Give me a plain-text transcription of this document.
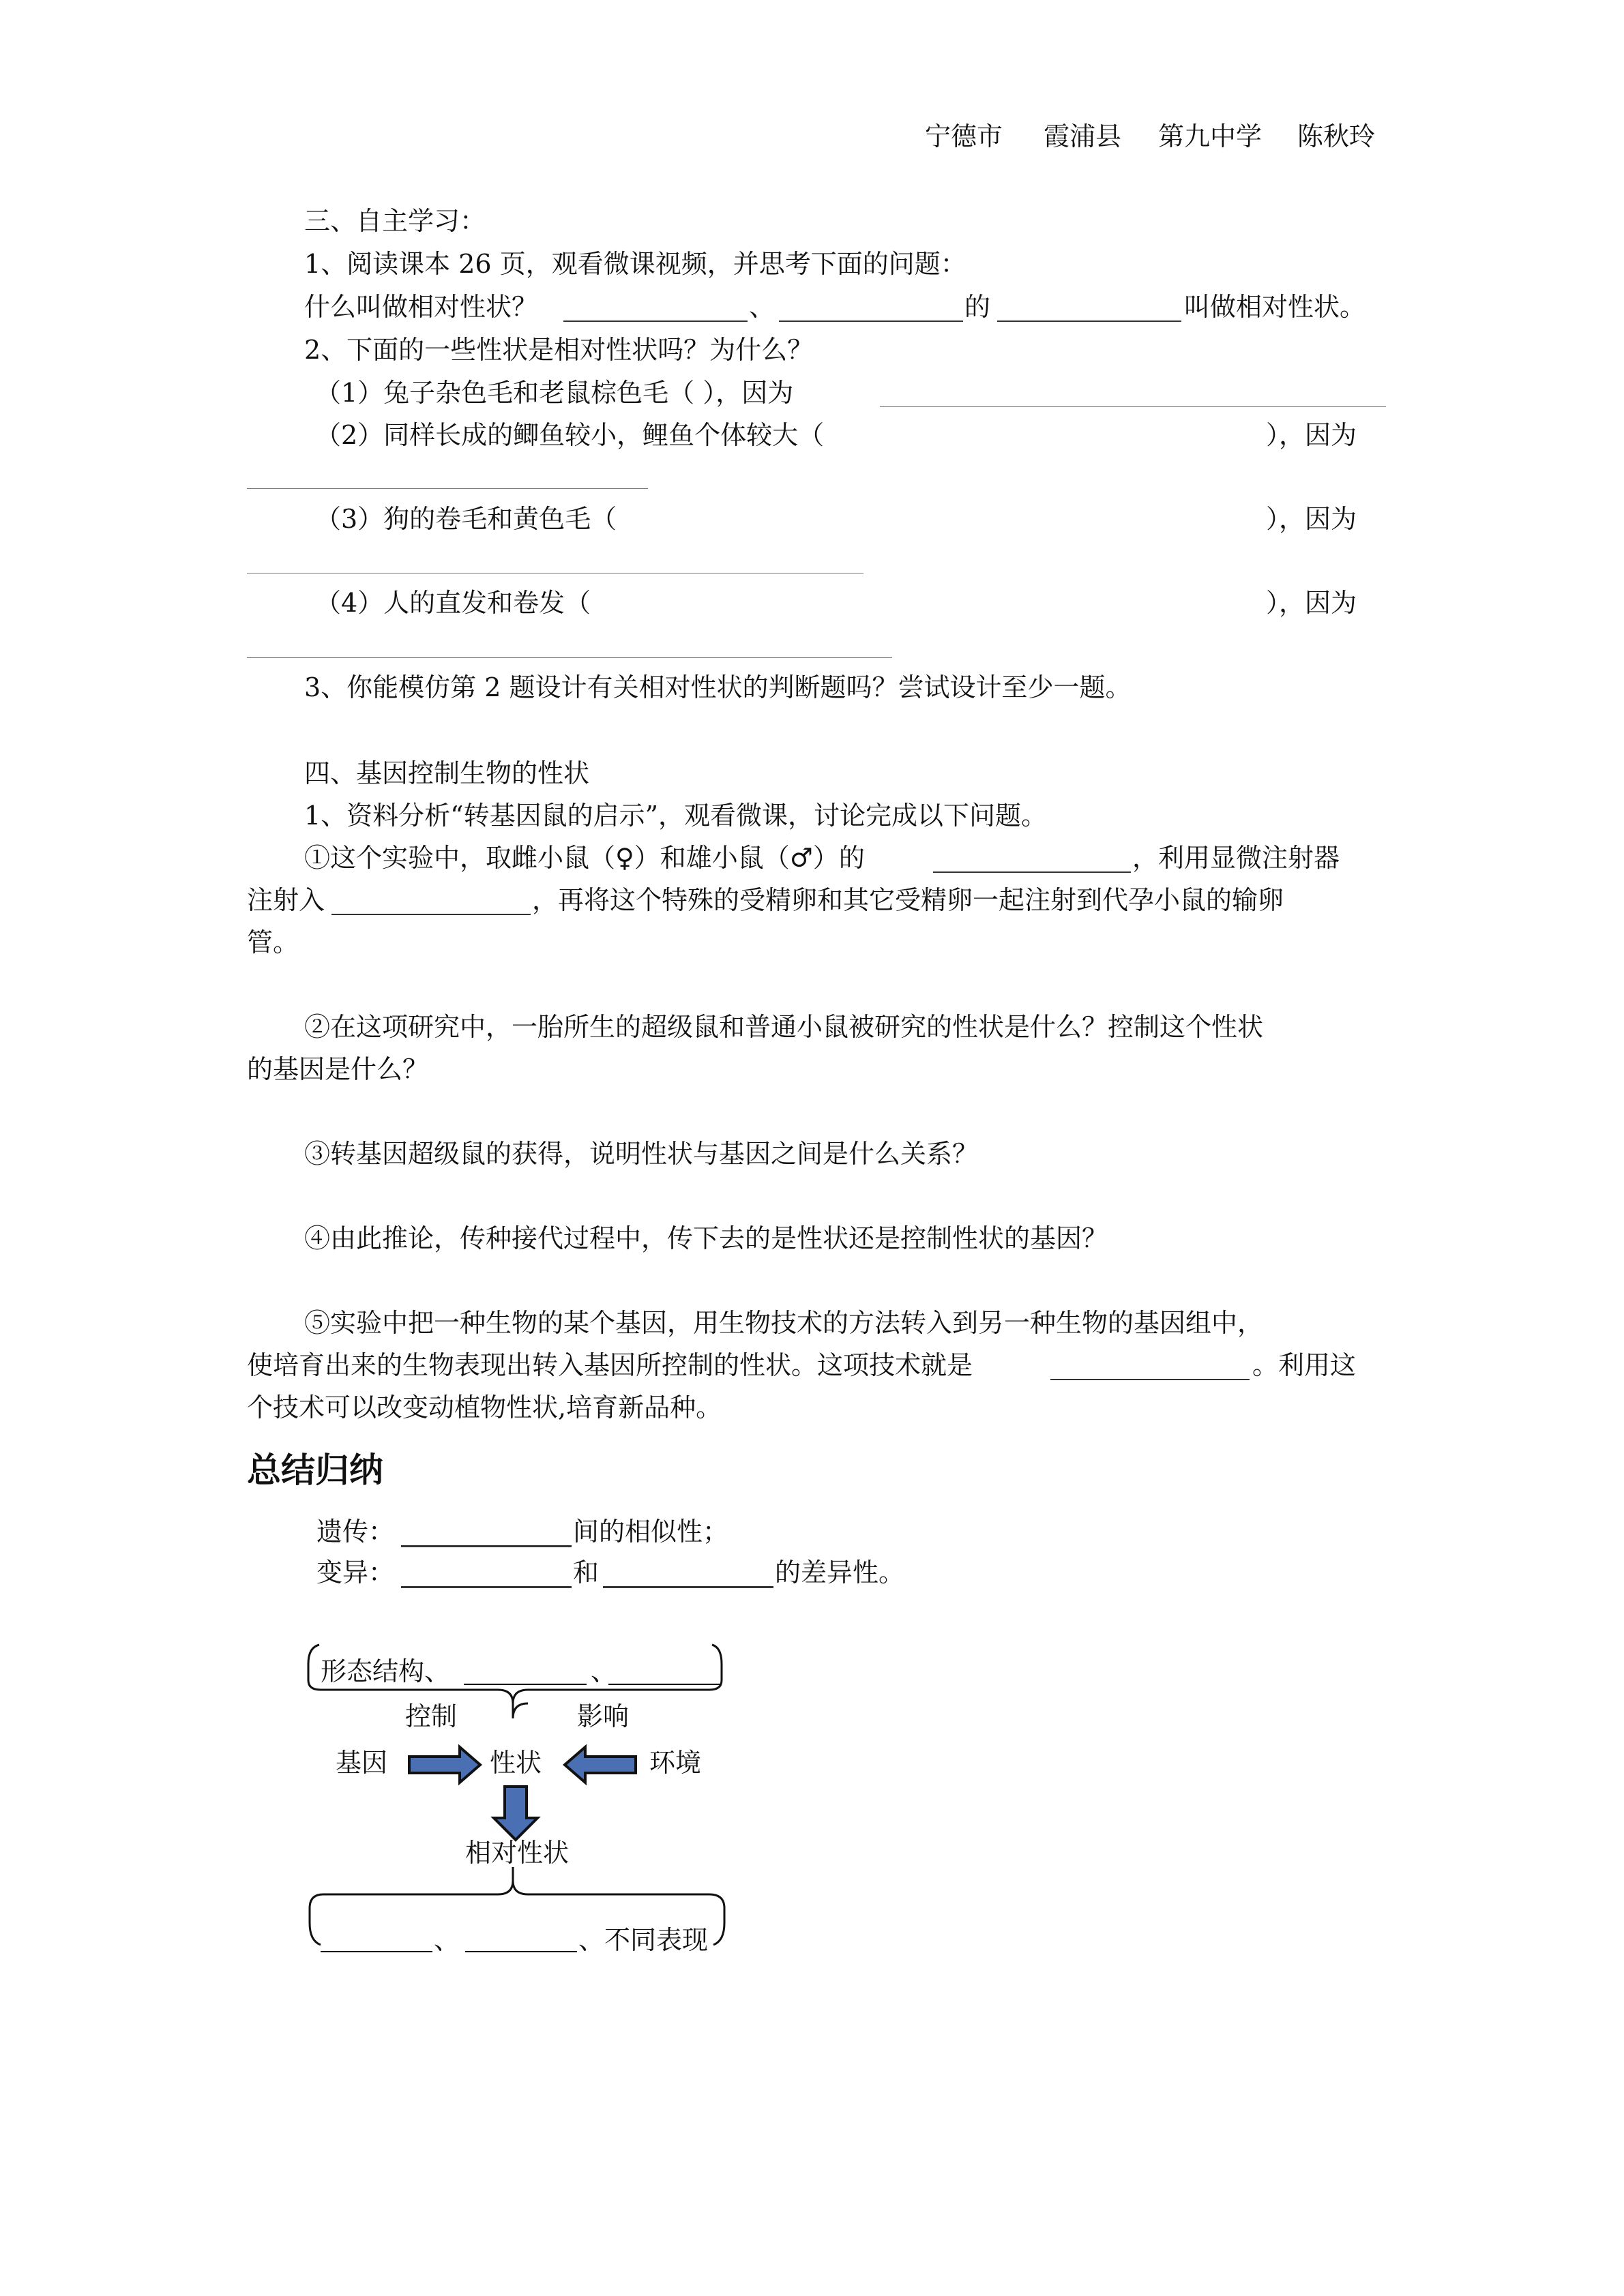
宁德市 霞浦县 第九中学 陈秋玲
三、自主学习：
1、阅读课本 26 页，观看微课视频，并思考下面的问题：
什么叫做相对性状？	、	的	叫做相对性状。
2、下面的一些性状是相对性状吗？为什么？
（1）兔子杂色毛和老鼠棕色毛（ ），因为
（2）同样长成的鲫鱼较小，鲤鱼个体较大（	），因为
（3）狗的卷毛和黄色毛（	），因为
（4）人的直发和卷发（	），因为
3、你能模仿第 2 题设计有关相对性状的判断题吗？尝试设计至少一题。
四、基因控制生物的性状
1、资料分析“转基因鼠的启示”，观看微课，讨论完成以下问题。
①这个实验中，取雌小鼠（♀）和雄小鼠（♂）的	，利用显微注射器
注射入	，再将这个特殊的受精卵和其它受精卵一起注射到代孕小鼠的输卵
管。
②在这项研究中，一胎所生的超级鼠和普通小鼠被研究的性状是什么？控制这个性状
的基因是什么？
③转基因超级鼠的获得，说明性状与基因之间是什么关系？
④由此推论，传种接代过程中，传下去的是性状还是控制性状的基因？
⑤实验中把一种生物的某个基因，用生物技术的方法转入到另一种生物的基因组中，
使培育出来的生物表现出转入基因所控制的性状。这项技术就是	。利用这
个技术可以改变动植物性状,培育新品种。
总结归纳
遗传：	间的相似性；
变异：	和	的差异性。
形态结构、	、
控制	影响
基因	性状	环境
相对性状
、	、不同表现
